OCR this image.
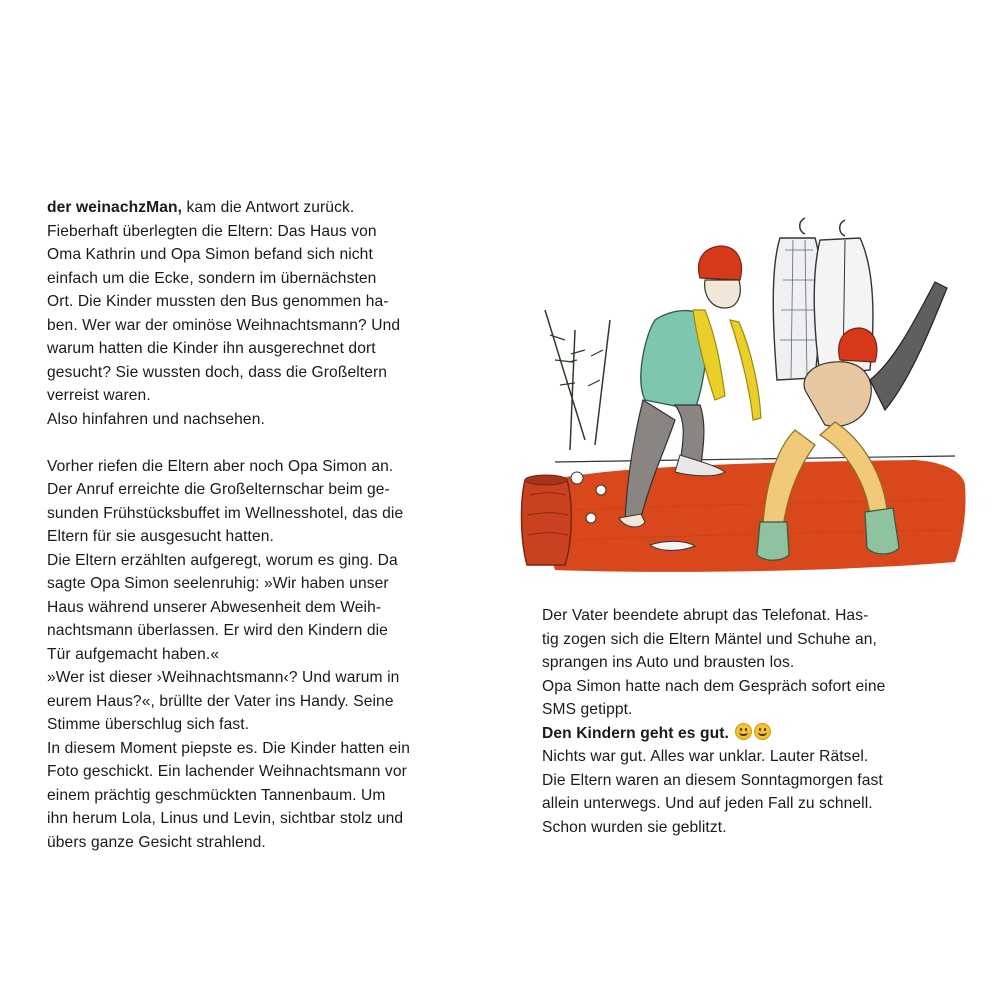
der weinachzMan, kam die Antwort zurück.

Fieberhaft überlegten die Eltern: Das Haus von

Oma Kathrin und Opa Simon befand sich nicht

einfach um die Ecke, sondern im übernächsten

Ort. Die Kinder mussten den Bus genommen ha-

ben. Wer war der ominöse Weihnachtsmann? Und

warum hatten die Kinder ihn ausgerechnet dort

gesucht? Sie wussten doch, dass die Großeltern

verreist waren.

Also hinfahren und nachsehen.

Vorher riefen die Eltern aber noch Opa Simon an.

Der Anruf erreichte die Großelternschar beim ge-

sunden Frühstücksbuffet im Wellnesshotel, das die

Eltern für sie ausgesucht hatten.

Die Eltern erzählten aufgeregt, worum es ging. Da

sagte Opa Simon seelenruhig: »Wir haben unser

Haus während unserer Abwesenheit dem Weih-

nachtsmann überlassen. Er wird den Kindern die

Tür aufgemacht haben.«

»Wer ist dieser ›Weihnachtsmann‹? Und warum in

eurem Haus?«, brüllte der Vater ins Handy. Seine

Stimme überschlug sich fast.

In diesem Moment piepste es. Die Kinder hatten ein

Foto geschickt. Ein lachender Weihnachtsmann vor

einem prächtig geschmückten Tannenbaum. Um

ihn herum Lola, Linus und Levin, sichtbar stolz und

übers ganze Gesicht strahlend.

Der Vater beendete abrupt das Telefonat. Has-

tig zogen sich die Eltern Mäntel und Schuhe an,

sprangen ins Auto und brausten los.

Opa Simon hatte nach dem Gespräch sofort eine

SMS getippt.

Den Kindern geht es gut.

Nichts war gut. Alles war unklar. Lauter Rätsel.

Die Eltern waren an diesem Sonntagmorgen fast

allein unterwegs. Und auf jeden Fall zu schnell.

Schon wurden sie geblitzt.
